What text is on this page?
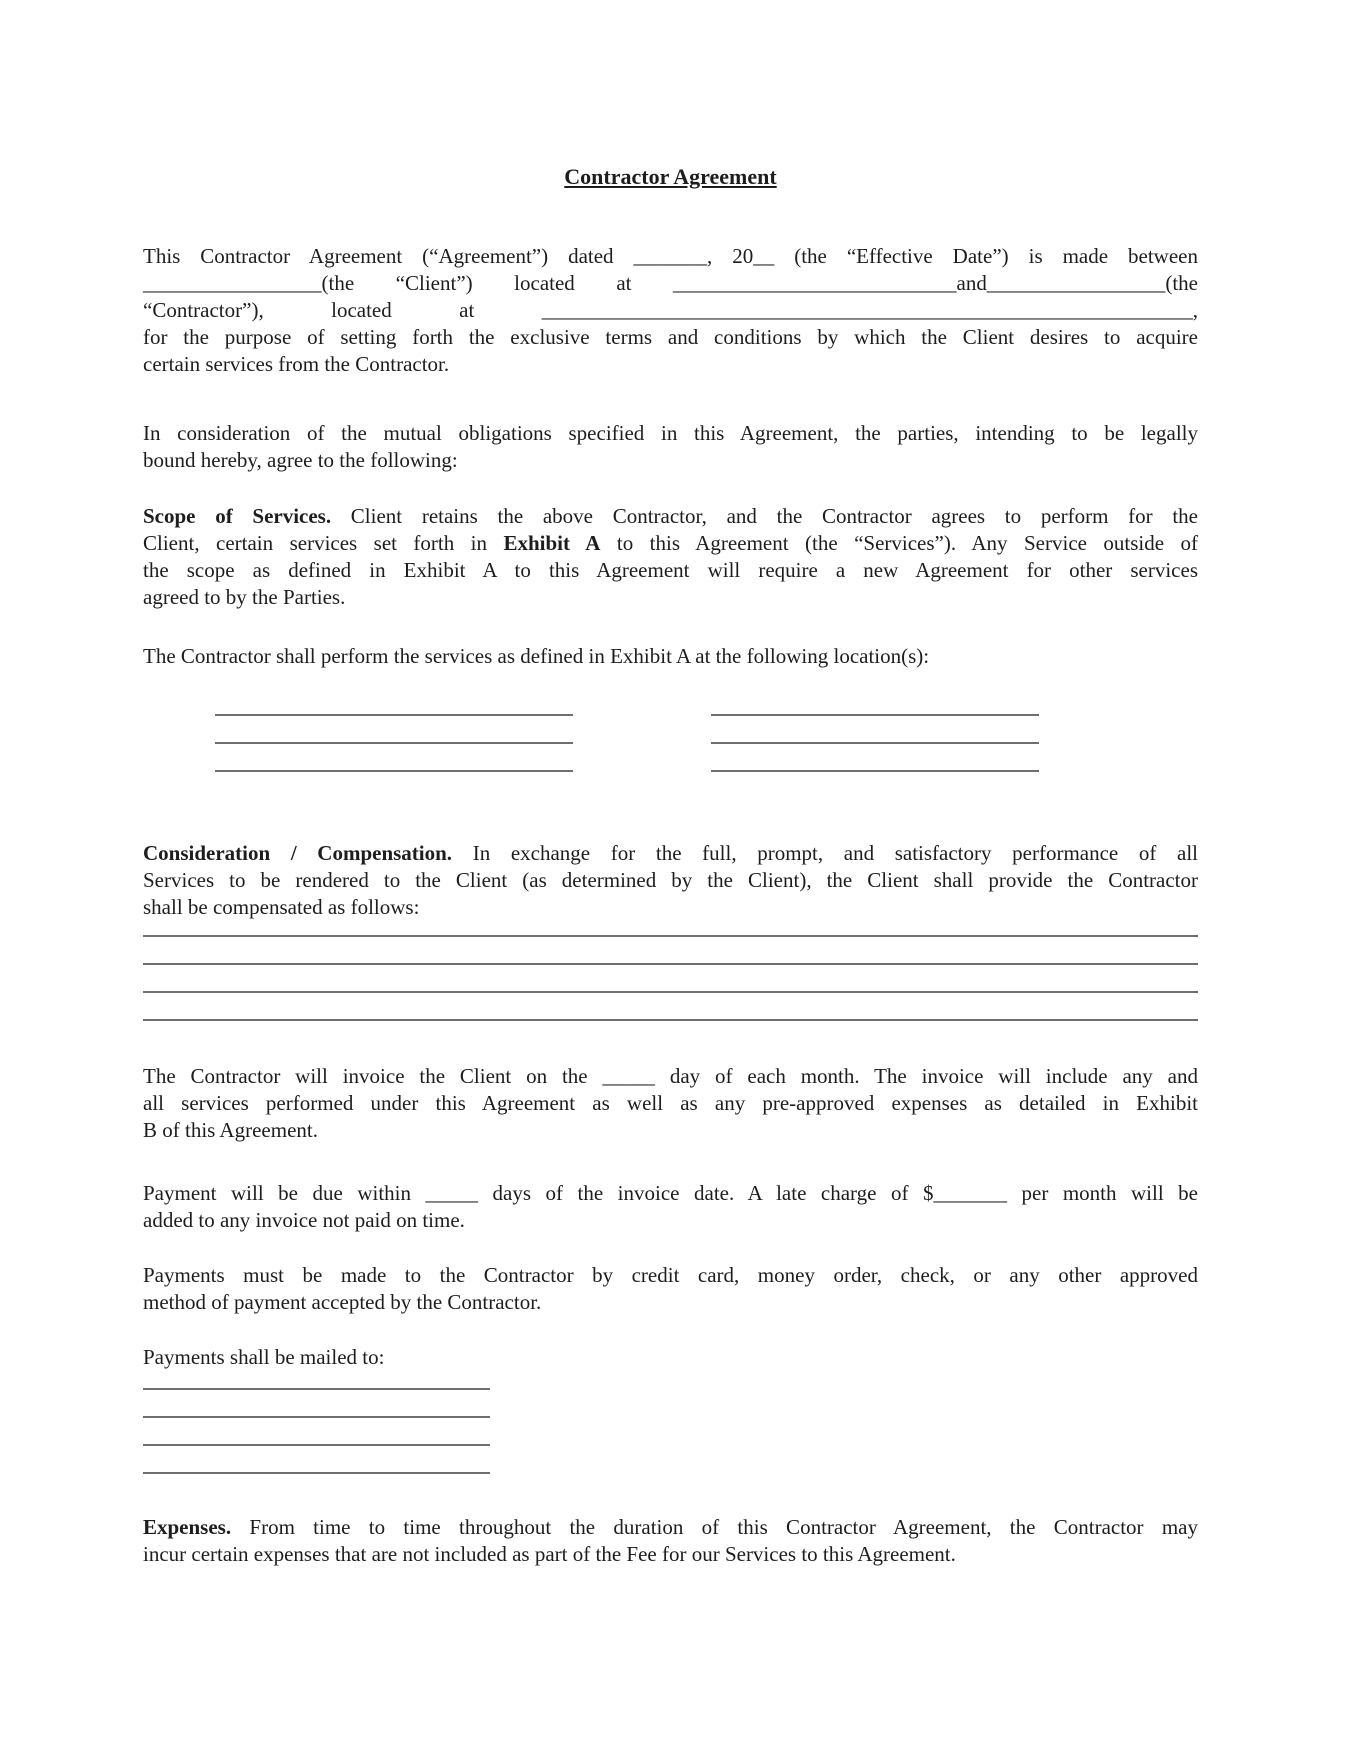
Contractor Agreement
This Contractor Agreement (“Agreement”) dated _______, 20__ (the “Effective Date”) is made between
_________________(the “Client”) located at ___________________________and_________________(the
“Contractor”), located at ______________________________________________________________,
for the purpose of setting forth the exclusive terms and conditions by which the Client desires to acquire
certain services from the Contractor.
In consideration of the mutual obligations specified in this Agreement, the parties, intending to be legally
bound hereby, agree to the following:
Scope of Services. Client retains the above Contractor, and the Contractor agrees to perform for the
Client, certain services set forth in Exhibit A to this Agreement (the “Services”). Any Service outside of
the scope as defined in Exhibit A to this Agreement will require a new Agreement for other services
agreed to by the Parties.
The Contractor shall perform the services as defined in Exhibit A at the following location(s):
Consideration / Compensation. In exchange for the full, prompt, and satisfactory performance of all
Services to be rendered to the Client (as determined by the Client), the Client shall provide the Contractor
shall be compensated as follows:
The Contractor will invoice the Client on the _____ day of each month. The invoice will include any and
all services performed under this Agreement as well as any pre-approved expenses as detailed in Exhibit
B of this Agreement.
Payment will be due within _____ days of the invoice date. A late charge of $_______ per month will be
added to any invoice not paid on time.
Payments must be made to the Contractor by credit card, money order, check, or any other approved
method of payment accepted by the Contractor.
Payments shall be mailed to:
Expenses. From time to time throughout the duration of this Contractor Agreement, the Contractor may
incur certain expenses that are not included as part of the Fee for our Services to this Agreement.
